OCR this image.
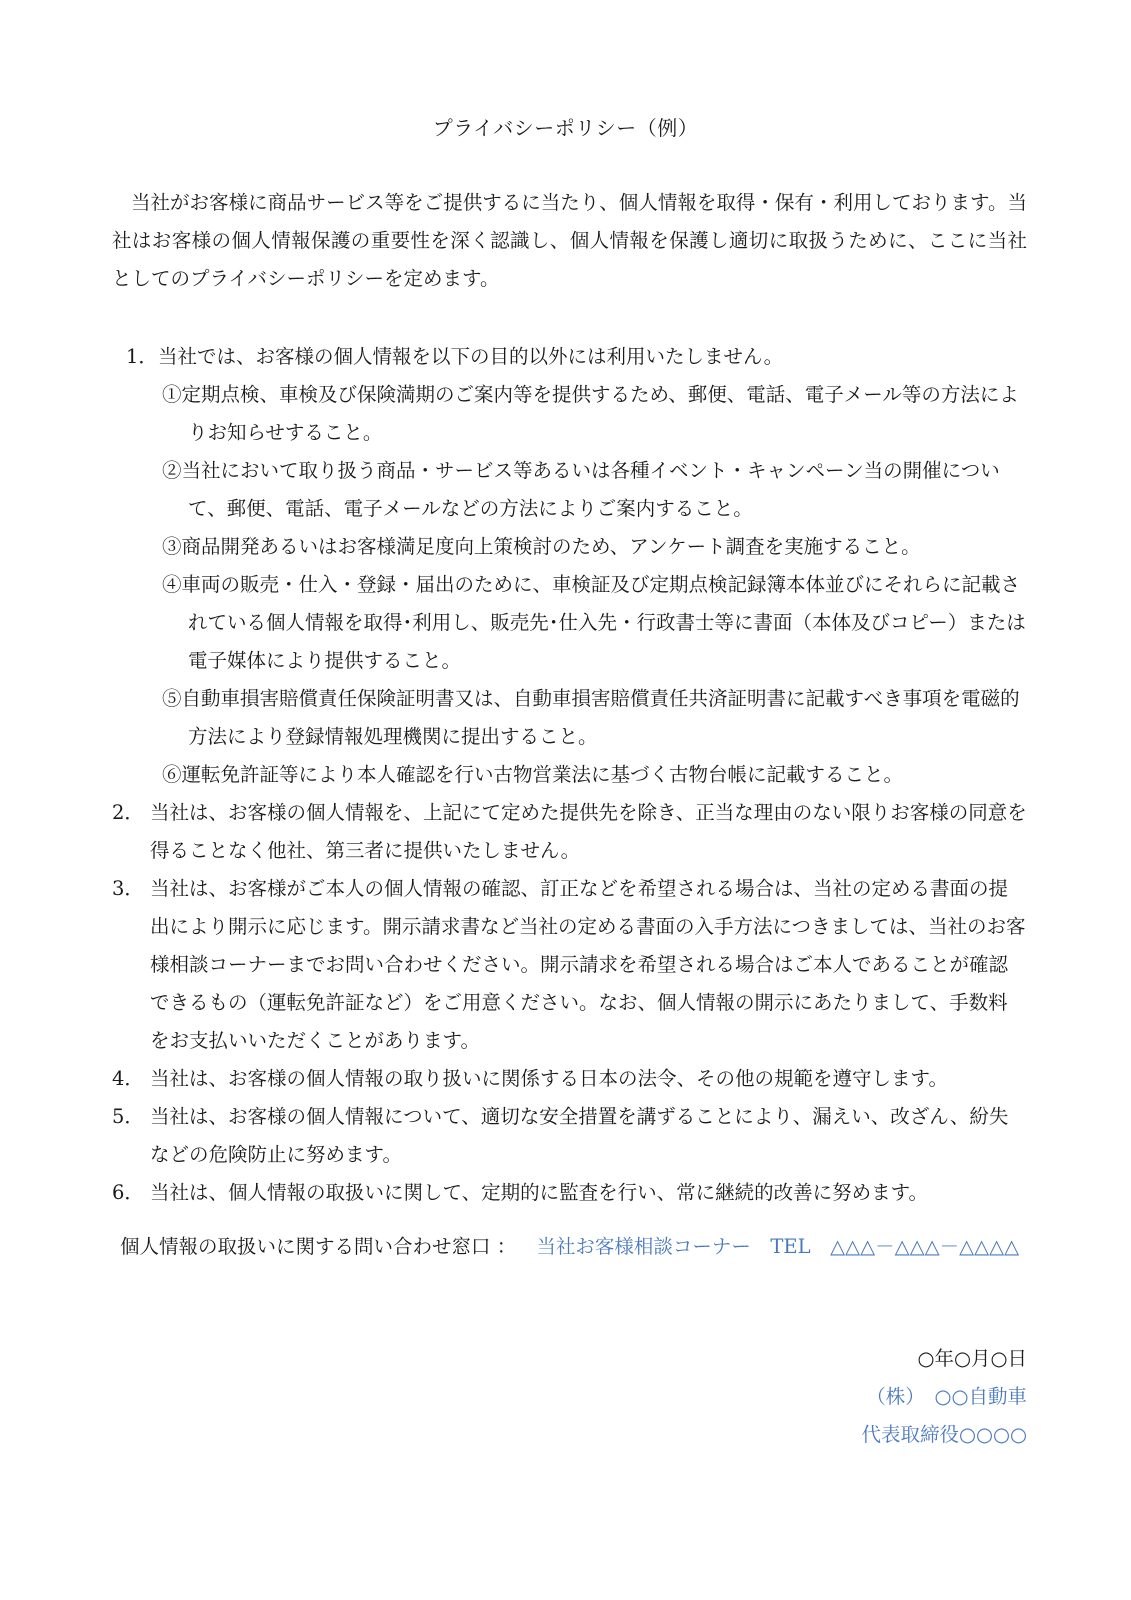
プライバシーポリシー（例）
当社がお客様に商品サービス等をご提供するに当たり、個人情報を取得・保有・利用しております。当社はお客様の個人情報保護の重要性を深く認識し、個人情報を保護し適切に取扱うために、ここに当社としてのプライバシーポリシーを定めます。
1． 当社では、お客様の個人情報を以下の目的以外には利用いたしません。
①定期点検、車検及び保険満期のご案内等を提供するため、郵便、電話、電子メール等の方法によりお知らせすること。
②当社において取り扱う商品・サービス等あるいは各種イベント・キャンペーン当の開催について、郵便、電話、電子メールなどの方法によりご案内すること。
③商品開発あるいはお客様満足度向上策検討のため、アンケート調査を実施すること。
④車両の販売・仕入・登録・届出のために、車検証及び定期点検記録簿本体並びにそれらに記載されている個人情報を取得･利用し、販売先･仕入先・行政書士等に書面（本体及びコピー）または電子媒体により提供すること。
⑤自動車損害賠償責任保険証明書又は、自動車損害賠償責任共済証明書に記載すべき事項を電磁的方法により登録情報処理機関に提出すること。
⑥運転免許証等により本人確認を行い古物営業法に基づく古物台帳に記載すること。
2． 当社は、お客様の個人情報を、上記にて定めた提供先を除き、正当な理由のない限りお客様の同意を得ることなく他社、第三者に提供いたしません。
3． 当社は、お客様がご本人の個人情報の確認、訂正などを希望される場合は、当社の定める書面の提出により開示に応じます。開示請求書など当社の定める書面の入手方法につきましては、当社のお客様相談コーナーまでお問い合わせください。開示請求を希望される場合はご本人であることが確認できるもの（運転免許証など）をご用意ください。なお、個人情報の開示にあたりまして、手数料をお支払いいただくことがあります。
4． 当社は、お客様の個人情報の取り扱いに関係する日本の法令、その他の規範を遵守します。
5． 当社は、お客様の個人情報について、適切な安全措置を講ずることにより、漏えい、改ざん、紛失などの危険防止に努めます。
6． 当社は、個人情報の取扱いに関して、定期的に監査を行い、常に継続的改善に努めます。
個人情報の取扱いに関する問い合わせ窓口 ： 当社お客様相談コーナー　TEL　△△△－△△△－△△△△
○年○月○日
（株）　○○自動車
代表取締役○○○○
